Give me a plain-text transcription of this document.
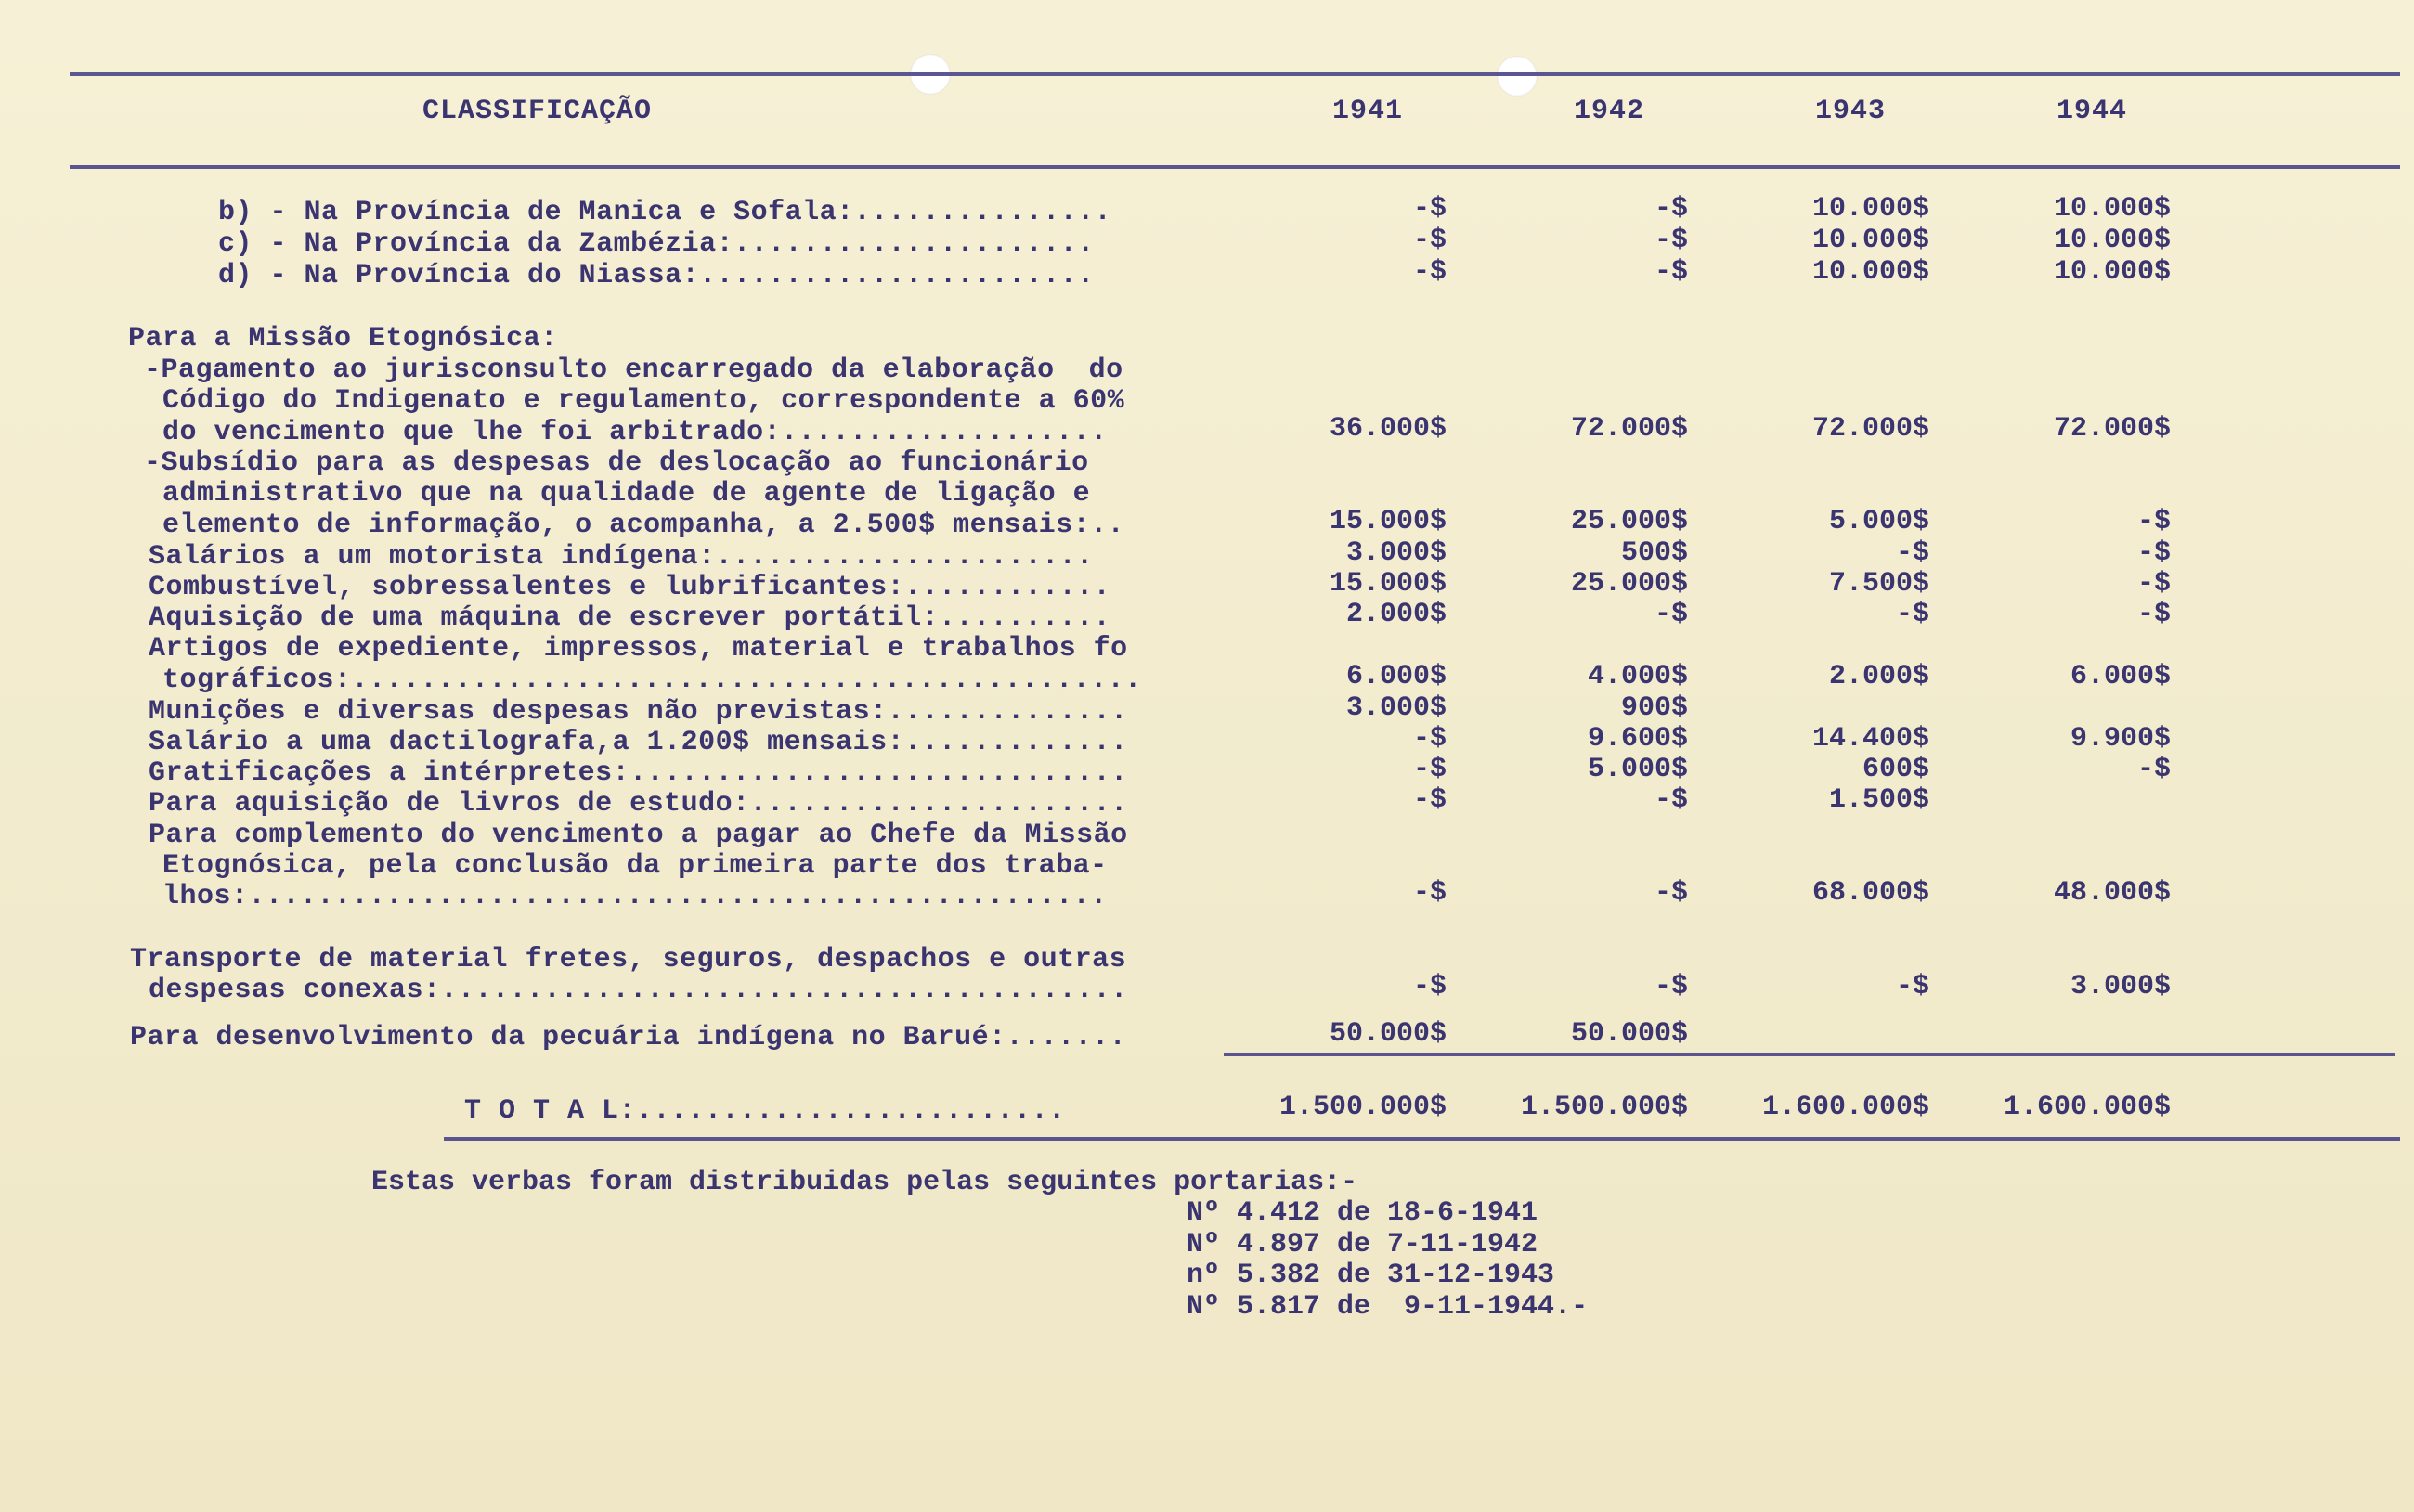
CLASSIFICAÇÃO	1941	1942	1943	1944
b) - Na Província de Manica e Sofala:...............	-$	-$	10.000$	10.000$
c) - Na Província da Zambézia:.....................	-$	-$	10.000$	10.000$
d) - Na Província do Niassa:.......................	-$	-$	10.000$	10.000$
Para a Missão Etognósica:
-Pagamento ao jurisconsulto encarregado da elaboração  do
Código do Indigenato e regulamento, correspondente a 60%
do vencimento que lhe foi arbitrado:...................	36.000$	72.000$	72.000$	72.000$
-Subsídio para as despesas de deslocação ao funcionário
administrativo que na qualidade de agente de ligação e
elemento de informação, o acompanha, a 2.500$ mensais:..	15.000$	25.000$	5.000$	-$
Salários a um motorista indígena:......................	3.000$	500$	-$	-$
Combustível, sobressalentes e lubrificantes:............	15.000$	25.000$	7.500$	-$
Aquisição de uma máquina de escrever portátil:..........	2.000$	-$	-$	-$
Artigos de expediente, impressos, material e trabalhos fo
tográficos:..............................................	6.000$	4.000$	2.000$	6.000$
Munições e diversas despesas não previstas:..............	3.000$	900$
Salário a uma dactilografa,a 1.200$ mensais:.............	-$	9.600$	14.400$	9.900$
Gratificações a intérpretes:.............................	-$	5.000$	600$	-$
Para aquisição de livros de estudo:......................	-$	-$	1.500$
Para complemento do vencimento a pagar ao Chefe da Missão
Etognósica, pela conclusão da primeira parte dos traba-
lhos:..................................................	-$	-$	68.000$	48.000$
Transporte de material fretes, seguros, despachos e outras
despesas conexas:........................................	-$	-$	-$	3.000$
Para desenvolvimento da pecuária indígena no Barué:.......	50.000$	50.000$
T O T A L:.........................	1.500.000$	1.500.000$	1.600.000$	1.600.000$
Estas verbas foram distribuidas pelas seguintes portarias:-
Nº 4.412 de 18-6-1941
Nº 4.897 de 7-11-1942
nº 5.382 de 31-12-1943
Nº 5.817 de  9-11-1944.-
